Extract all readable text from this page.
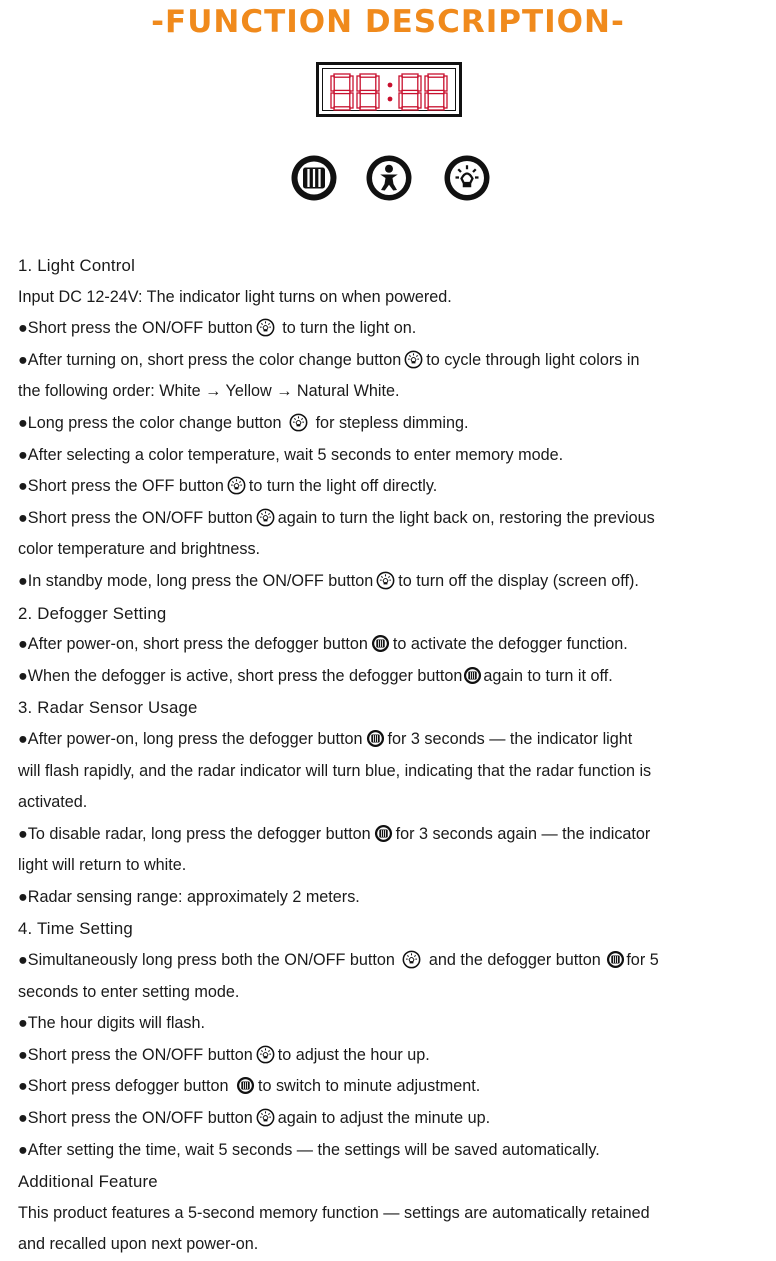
-FUNCTION DESCRIPTION-
1. Light Control
Input DC 12-24V: The indicator light turns on when powered.
●Short press the ON/OFF button to turn the light on.
●After turning on, short press the color change button to cycle through light colors in
the following order: White → Yellow → Natural White.
●Long press the color change button for stepless dimming.
●After selecting a color temperature, wait 5 seconds to enter memory mode.
●Short press the OFF button to turn the light off directly.
●Short press the ON/OFF button again to turn the light back on, restoring the previous
color temperature and brightness.
●In standby mode, long press the ON/OFF button to turn off the display (screen off).
2. Defogger Setting
●After power-on, short press the defogger button to activate the defogger function.
●When the defogger is active, short press the defogger button again to turn it off.
3. Radar Sensor Usage
●After power-on, long press the defogger button for 3 seconds — the indicator light
will flash rapidly, and the radar indicator will turn blue, indicating that the radar function is
activated.
●To disable radar, long press the defogger button for 3 seconds again — the indicator
light will return to white.
●Radar sensing range: approximately 2 meters.
4. Time Setting
●Simultaneously long press both the ON/OFF button and the defogger button for 5
seconds to enter setting mode.
●The hour digits will flash.
●Short press the ON/OFF button to adjust the hour up.
●Short press defogger button to switch to minute adjustment.
●Short press the ON/OFF button again to adjust the minute up.
●After setting the time, wait 5 seconds — the settings will be saved automatically.
Additional Feature
This product features a 5-second memory function — settings are automatically retained
and recalled upon next power-on.
